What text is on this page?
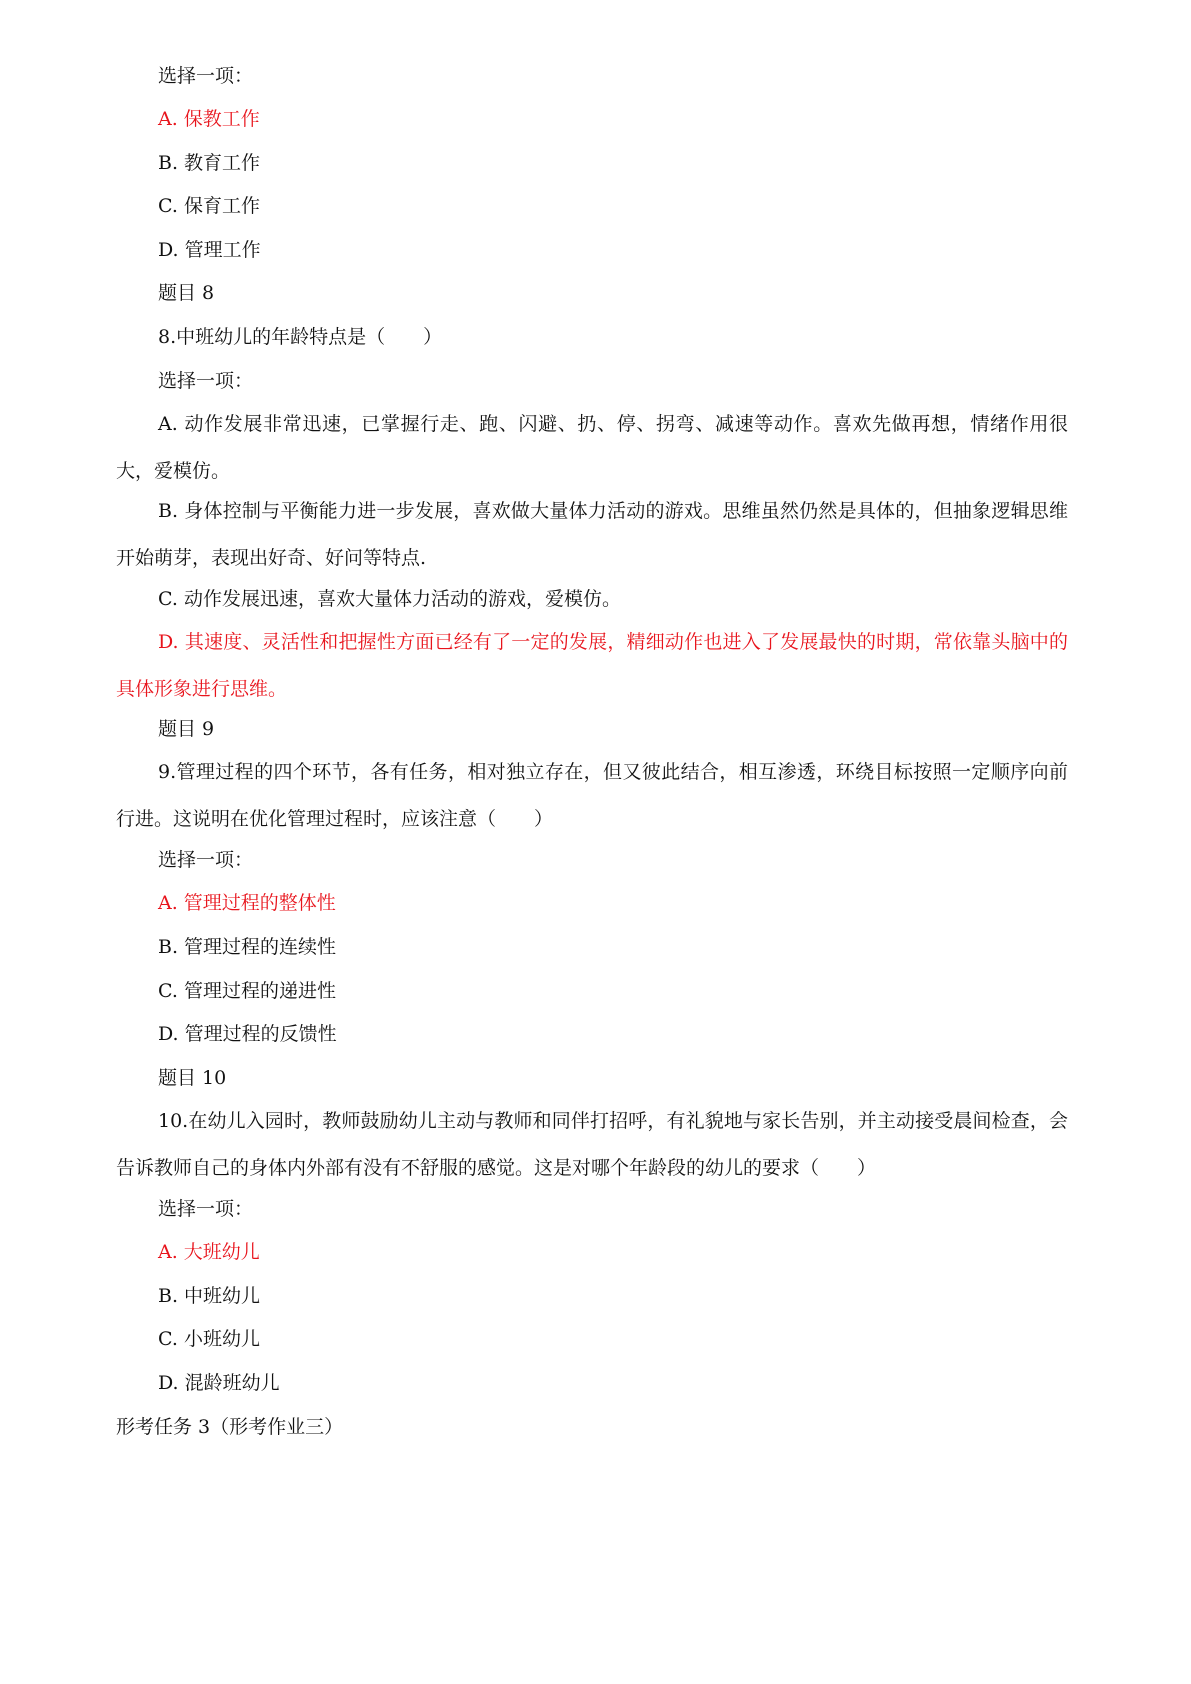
选择一项：
A. 保教工作
B. 教育工作
C. 保育工作
D. 管理工作
题目 8
8.中班幼儿的年龄特点是（　　）
选择一项：
A. 动作发展非常迅速，已掌握行走、跑、闪避、扔、停、拐弯、减速等动作。喜欢先做再想，情绪作用很大，爱模仿。
B. 身体控制与平衡能力进一步发展，喜欢做大量体力活动的游戏。思维虽然仍然是具体的，但抽象逻辑思维开始萌芽，表现出好奇、好问等特点.
C. 动作发展迅速，喜欢大量体力活动的游戏，爱模仿。
D. 其速度、灵活性和把握性方面已经有了一定的发展，精细动作也进入了发展最快的时期，常依靠头脑中的具体形象进行思维。
题目 9
9.管理过程的四个环节，各有任务，相对独立存在，但又彼此结合，相互渗透，环绕目标按照一定顺序向前行进。这说明在优化管理过程时，应该注意（　　）
选择一项：
A. 管理过程的整体性
B. 管理过程的连续性
C. 管理过程的递进性
D. 管理过程的反馈性
题目 10
10.在幼儿入园时，教师鼓励幼儿主动与教师和同伴打招呼，有礼貌地与家长告别，并主动接受晨间检查，会告诉教师自己的身体内外部有没有不舒服的感觉。这是对哪个年龄段的幼儿的要求（　　）
选择一项：
A. 大班幼儿
B. 中班幼儿
C. 小班幼儿
D. 混龄班幼儿
形考任务 3（形考作业三）
